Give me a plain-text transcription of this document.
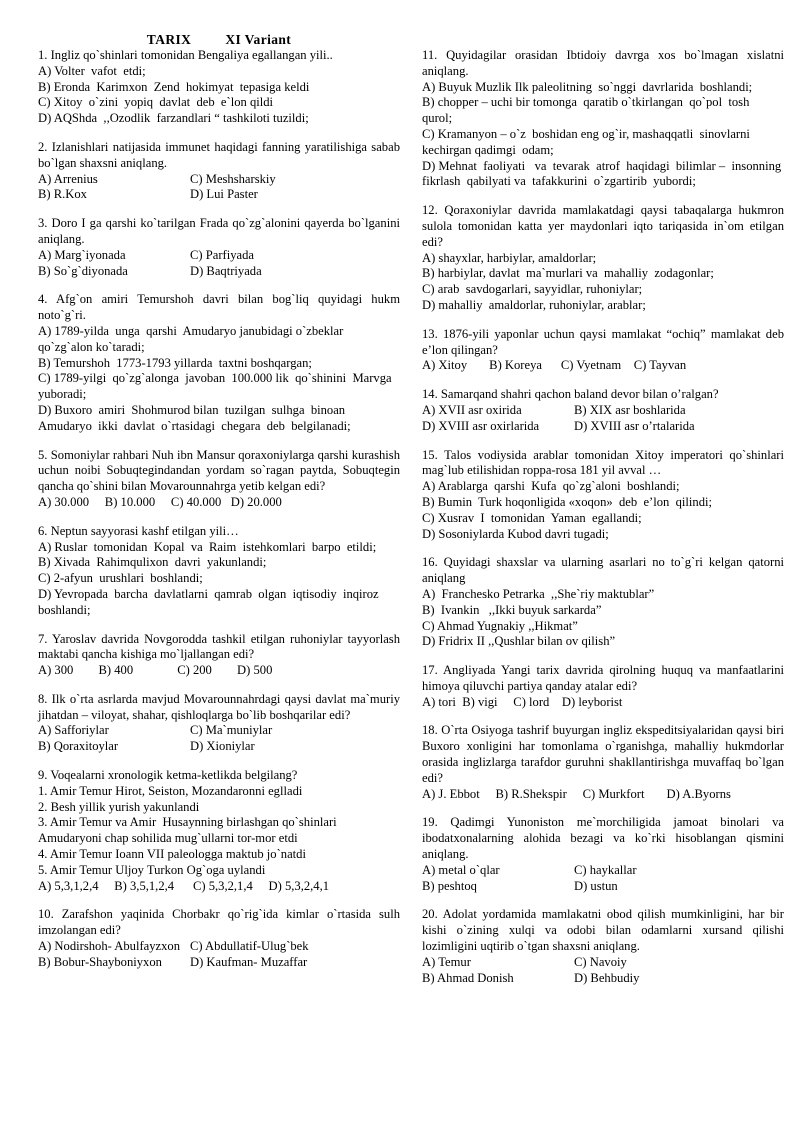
TARIX	XI Variant

1. Ingliz qo`shinlari tomonidan Bengaliya egallangan yili..

A) Volter  vafot  etdi;

B) Eronda  Karimxon  Zend  hokimyat  tepasiga keldi

C) Xitoy  o`zini  yopiq  davlat  deb  e`lon qildi

D) AQShda  ,,Ozodlik  farzandlari “ tashkiloti tuzildi;

2. Izlanishlari natijasida immunet haqidagi fanning yaratilishiga sabab bo`lgan shaxsni aniqlang.

A) Arrenius	C) Meshsharskiy
B) R.Kox	D) Lui Paster

3. Doro I ga qarshi ko`tarilgan Frada qo`zg`alonini qayerda bo`lganini aniqlang.

A) Marg`iyonada	C) Parfiyada
B) So`g`diyonada	D) Baqtriyada

4. Afg`on amiri Temurshoh davri bilan bog`liq quyidagi hukm noto`g`ri.

A) 1789-yilda  unga  qarshi  Amudaryo janubidagi o`zbeklar  qo`zg`alon ko`taradi;

B) Temurshoh  1773-1793 yillarda  taxtni boshqargan;

C) 1789-yilgi  qo`zg`alonga  javoban  100.000 lik  qo`shinini  Marvga  yuboradi;

D) Buxoro  amiri  Shohmurod bilan  tuzilgan  sulhga  binoan  Amudaryo  ikki  davlat  o`rtasidagi  chegara  deb  belgilanadi;

5. Somoniylar rahbari Nuh ibn Mansur qoraxoniylarga qarshi kurashish uchun noibi Sobuqtegindandan yordam so`ragan paytda, Sobuqtegin qancha qo`shini bilan Movarounnahrga yetib kelgan edi?

A) 30.000     B) 10.000     C) 40.000   D) 20.000

6. Neptun sayyorasi kashf etilgan yili…

A) Ruslar  tomonidan  Kopal  va  Raim  istehkomlari  barpo  etildi;

B) Xivada  Rahimqulixon  davri  yakunlandi;

C) 2-afyun  urushlari  boshlandi;

D) Yevropada  barcha  davlatlarni  qamrab  olgan  iqtisodiy  inqiroz  boshlandi;

7. Yaroslav davrida Novgorodda tashkil etilgan ruhoniylar tayyorlash maktabi qancha kishiga mo`ljallangan edi?

A) 300        B) 400              C) 200        D) 500

8. Ilk o`rta asrlarda mavjud Movarounnahrdagi qaysi davlat ma`muriy jihatdan – viloyat, shahar, qishloqlarga bo`lib boshqarilar edi?

A) Safforiylar	C) Ma`muniylar
B) Qoraxitoylar	D) Xioniylar

9. Voqealarni xronologik ketma-ketlikda belgilang?

1. Amir Temur Hirot, Seiston, Mozandaronni eglladi

2. Besh yillik yurish yakunlandi

3. Amir Temur va Amir  Husaynning birlashgan qo`shinlari  Amudaryoni chap sohilida mug`ullarni tor-mor etdi

4. Amir Temur Ioann VII paleologga maktub jo`natdi

5. Amir Temur Uljoy Turkon Og`oga uylandi

A) 5,3,1,2,4     B) 3,5,1,2,4      C) 5,3,2,1,4     D) 5,3,2,4,1

10. Zarafshon yaqinida Chorbakr qo`rig`ida kimlar o`rtasida sulh imzolangan edi?

A) Nodirshoh- Abulfayzxon C) Abdullatif-Ulug`bek
B) Bobur-Shayboniyxon	D) Kaufman- Muzaffar

11. Quyidagilar orasidan Ibtidoiy davrga xos bo`lmagan xislatni aniqlang.

A) Buyuk Muzlik Ilk paleolitning  so`nggi  davrlarida  boshlandi;

B) chopper – uchi bir tomonga  qaratib o`tkirlangan  qo`pol  tosh  qurol;

C) Kramanyon – o`z  boshidan eng og`ir, mashaqqatli  sinovlarni  kechirgan qadimgi  odam;

D) Mehnat  faoliyati   va  tevarak  atrof  haqidagi  bilimlar –  insonning fikrlash  qabilyati va  tafakkurini  o`zgartirib  yubordi;

12. Qoraxoniylar davrida mamlakatdagi qaysi tabaqalarga hukmron sulola tomonidan katta yer maydonlari iqto tariqasida in`om etilgan edi?

A) shayxlar, harbiylar, amaldorlar;

B) harbiylar, davlat  ma`murlari va  mahalliy  zodagonlar;

C) arab  savdogarlari, sayyidlar, ruhoniylar;

D) mahalliy  amaldorlar, ruhoniylar, arablar;

13. 1876-yili yaponlar uchun qaysi mamlakat “ochiq” mamlakat deb e’lon qilingan?

A) Xitoy       B) Koreya      C) Vyetnam    C) Tayvan

14. Samarqand shahri qachon baland devor bilan o’ralgan?

A) XVII asr oxirida	B) XIX asr boshlarida
D) XVIII asr oxirlarida	D) XVIII asr o’rtalarida

15. Talos vodiysida arablar tomonidan Xitoy imperatori qo`shinlari mag`lub etilishidan roppa-rosa 181 yil avval …

A) Arablarga  qarshi  Kufa  qo`zg`aloni  boshlandi;

B) Bumin  Turk hoqonligida «xoqon»  deb  e’lon  qilindi;

C) Xusrav  I  tomonidan  Yaman  egallandi;

D) Sosoniylarda Kubod davri tugadi;

16. Quyidagi shaxslar va ularning asarlari no to`g`ri kelgan qatorni aniqlang

A)  Franchesko Petrarka  ,,She`riy maktublar”

B)  Ivankin   ,,Ikki buyuk sarkarda”

C) Ahmad Yugnakiy ,,Hikmat”

D) Fridrix II ,,Qushlar bilan ov qilish”

17. Angliyada Yangi tarix davrida qirolning huquq va manfaatlarini himoya qiluvchi partiya qanday atalar edi?

A) tori  B) vigi     C) lord    D) leyborist

18. O`rta Osiyoga tashrif buyurgan ingliz ekspeditsiyalaridan qaysi biri Buxoro xonligini har tomonlama o`rganishga, mahalliy hukmdorlar orasida inglizlarga tarafdor guruhni shakllantirishga muvaffaq bo`lgan edi?

A) J. Ebbot     B) R.Shekspir     C) Murkfort       D) A.Byorns

19. Qadimgi Yunoniston me`morchiligida jamoat binolari va ibodatxonalarning alohida bezagi va ko`rki hisoblangan qismini aniqlang.

A) metal o`qlar	C) haykallar
B) peshtoq	D) ustun

20. Adolat yordamida mamlakatni obod qilish mumkinligini, har bir kishi o`zining xulqi va odobi bilan odamlarni xursand qilishi lozimligini uqtirib o`tgan shaxsni aniqlang.

A) Temur	C) Navoiy
B) Ahmad Donish	D) Behbudiy
